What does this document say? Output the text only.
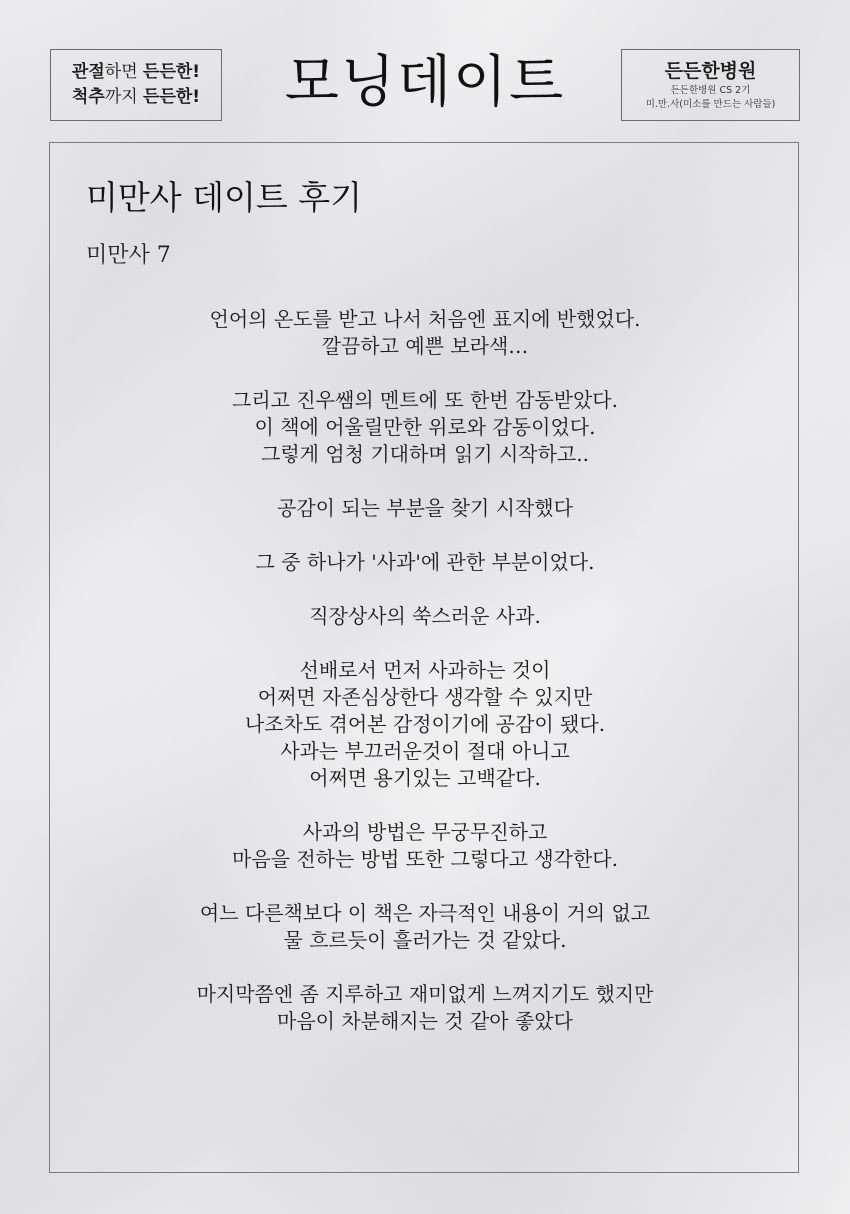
관절하면 든든한!
척추까지 든든한!	모닝데이트	든든한병원
든든한병원 CS 2기
미.만.사(미소를 만드는 사람들)
미만사 데이트 후기
미만사 7
언어의 온도를 받고 나서 처음엔 표지에 반했었다.
깔끔하고 예쁜 보라색…
그리고 진우쌤의 멘트에 또 한번 감동받았다.
이 책에 어울릴만한 위로와 감동이었다.
그렇게 엄청 기대하며 읽기 시작하고..
공감이 되는 부분을 찾기 시작했다
그 중 하나가 '사과'에 관한 부분이었다.
직장상사의 쑥스러운 사과.
선배로서 먼저 사과하는 것이
어쩌면 자존심상한다 생각할 수 있지만
나조차도 겪어본 감정이기에 공감이 됐다.
사과는 부끄러운것이 절대 아니고
어쩌면 용기있는 고백같다.
사과의 방법은 무궁무진하고
마음을 전하는 방법 또한 그렇다고 생각한다.
여느 다른책보다 이 책은 자극적인 내용이 거의 없고
물 흐르듯이 흘러가는 것 같았다.
마지막쯤엔 좀 지루하고 재미없게 느껴지기도 했지만
마음이 차분해지는 것 같아 좋았다
